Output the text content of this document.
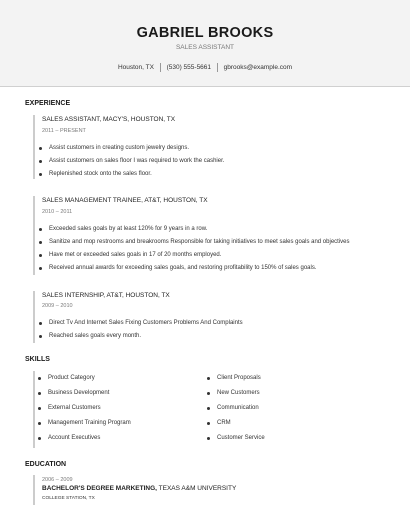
GABRIEL BROOKS
SALES ASSISTANT
Houston, TX (530) 555-5661 gbrooks@example.com
EXPERIENCE
SALES ASSISTANT, MACY'S, HOUSTON, TX
2011 – PRESENT
Assist customers in creating custom jewelry designs.
Assist customers on sales floor I was required to work the cashier.
Replenished stock onto the sales floor.
SALES MANAGEMENT TRAINEE, AT&T, HOUSTON, TX
2010 – 2011
Exceeded sales goals by at least 120% for 9 years in a row.
Sanitize and mop restrooms and breakrooms Responsible for taking initiatives to meet sales goals and objectives
Have met or exceeded sales goals in 17 of 20 months employed.
Received annual awards for exceeding sales goals, and restoring profitability to 150% of sales goals.
SALES INTERNSHIP, AT&T, HOUSTON, TX
2009 – 2010
Direct Tv And Internet Sales Fixing Customers Problems And Complaints
Reached sales goals every month.
SKILLS
Product Category
Business Development
External Customers
Management Training Program
Account Executives
Client Proposals
New Customers
Communication
CRM
Customer Service
EDUCATION
2006 – 2009
BACHELOR'S DEGREE MARKETING, TEXAS A&M UNIVERSITY
COLLEGE STATION, TX
